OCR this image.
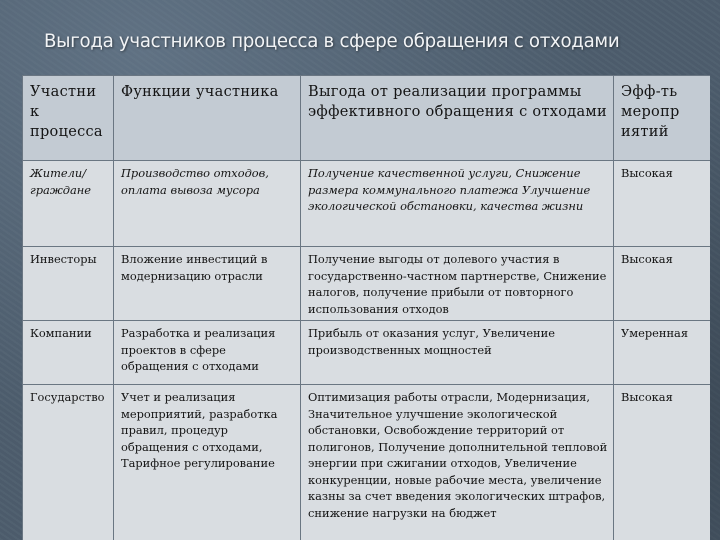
Выгода участников процесса в сфере обращения с отходами
Участни к процесса	Функции участника	Выгода от реализации программы эффективного обращения с отходами	Эфф-ть меропр иятий
Жители/ граждане	Производство отходов, оплата вывоза мусора	Получение качественной услуги, Снижение размера коммунального платежа Улучшение экологической обстановки, качества жизни	Высокая
Инвесторы	Вложение инвестиций в модернизацию отрасли	Получение выгоды от долевого участия в государственно-частном партнерстве, Снижение налогов, получение прибыли от повторного использования отходов	Высокая
Компании	Разработка и реализация проектов в сфере обращения с отходами	Прибыль от оказания услуг, Увеличение производственных мощностей	Умеренная
Государство	Учет и реализация мероприятий, разработка правил, процедур обращения с отходами, Тарифное регулирование	Оптимизация работы отрасли, Модернизация, Значительное улучшение экологической обстановки, Освобождение территорий от полигонов, Получение дополнительной тепловой энергии при сжигании отходов, Увеличение конкуренции, новые рабочие места, увеличение казны за счет введения экологических штрафов, снижение нагрузки на бюджет	Высокая
